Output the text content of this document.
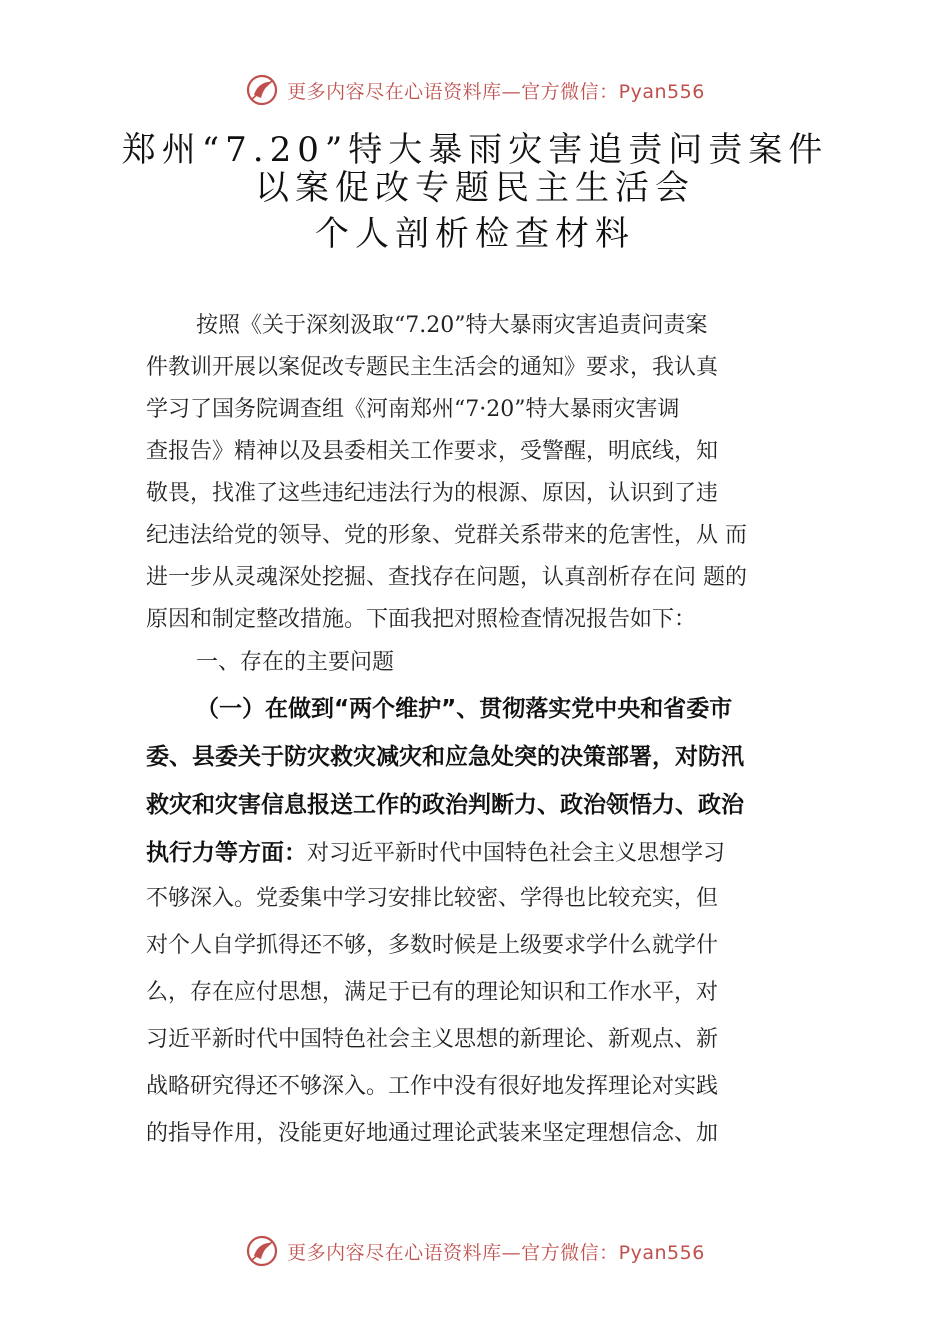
更多内容尽在心语资料库—官方微信：Pyan556
郑州“7.20”特大暴雨灾害追责问责案件
以案促改专题民主生活会
个人剖析检查材料
按照《关于深刻汲取“7.20”特大暴雨灾害追责问责案
件教训开展以案促改专题民主生活会的通知》要求，我认真
学习了国务院调查组《河南郑州“7·20”特大暴雨灾害调
查报告》精神以及县委相关工作要求，受警醒，明底线，知
敬畏，找准了这些违纪违法行为的根源、原因，认识到了违
纪违法给党的领导、党的形象、党群关系带来的危害性，从 而
进一步从灵魂深处挖掘、查找存在问题，认真剖析存在问 题的
原因和制定整改措施。下面我把对照检查情况报告如下：
一、存在的主要问题
（一）在做到“两个维护”、贯彻落实党中央和省委市
委、县委关于防灾救灾减灾和应急处突的决策部署，对防汛
救灾和灾害信息报送工作的政治判断力、政治领悟力、政治
执行力等方面：对习近平新时代中国特色社会主义思想学习
不够深入。党委集中学习安排比较密、学得也比较充实，但
对个人自学抓得还不够，多数时候是上级要求学什么就学什
么，存在应付思想，满足于已有的理论知识和工作水平，对
习近平新时代中国特色社会主义思想的新理论、新观点、新
战略研究得还不够深入。工作中没有很好地发挥理论对实践
的指导作用，没能更好地通过理论武装来坚定理想信念、加
更多内容尽在心语资料库—官方微信：Pyan556
